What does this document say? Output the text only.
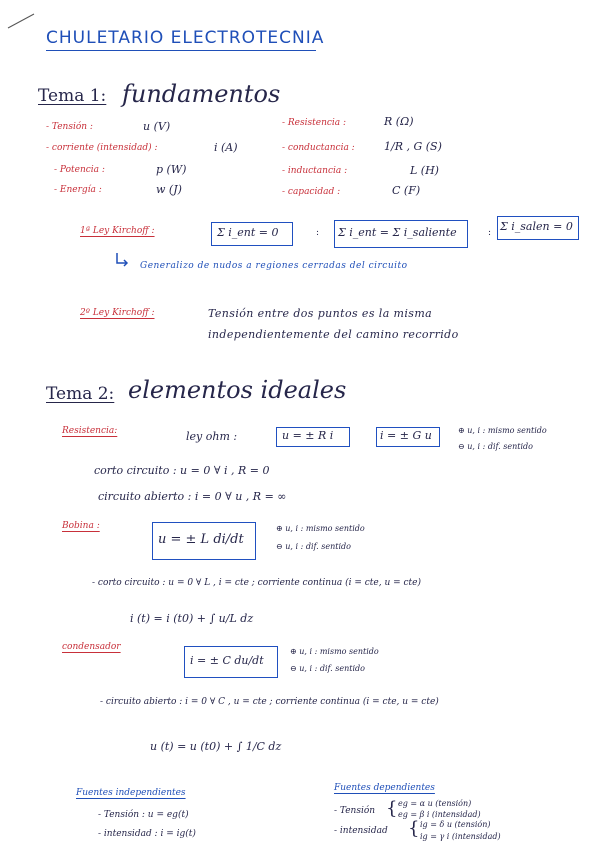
CHULETARIO ELECTROTECNIA
Tema 1: fundamentos
- Tensión :	u (V)
- corriente (intensidad) :	i (A)
- Potencia :	p (W)
- Energía :	w (J)
- Resistencia :	R (Ω)
- conductancia :	1/R , G (S)
- inductancia :	L (H)
- capacidad :	C (F)
1ª Ley Kirchoff :	Σ i_ent = 0	: Σ i_ent = Σ i_saliente	: Σ i_salen = 0
Generalizo de nudos a regiones cerradas del circuito
2º Ley Kirchoff :	Tensión entre dos puntos es la misma
independientemente del camino recorrido
Tema 2: elementos ideales
Resistencia:	ley ohm :	u = ± R i	i = ± G u	⊕ u, i : mismo sentido
⊖ u, i : dif. sentido
corto circuito : u = 0 ∀ i , R = 0
circuito abierto : i = 0 ∀ u , R = ∞
Bobina :
u = ± L di/dt
⊕ u, i : mismo sentido
⊖ u, i : dif. sentido
- corto circuito : u = 0 ∀ L , i = cte ; corriente continua (i = cte, u = cte)
i (t) = i (t0) + ∫ u/L dz
condensador
i = ± C du/dt
⊕ u, i : mismo sentido
⊖ u, i : dif. sentido
- circuito abierto : i = 0 ∀ C , u = cte ; corriente continua (i = cte, u = cte)
u (t) = u (t0) + ∫ 1/C dz
Fuentes independientes
- Tensión : u = eg(t)
- intensidad : i = ig(t)
Fuentes dependientes
- Tensión { eg = α u (tensión)
eg = β i (intensidad)
- intensidad { ig = δ u (tensión)
ig = γ i (intensidad)
